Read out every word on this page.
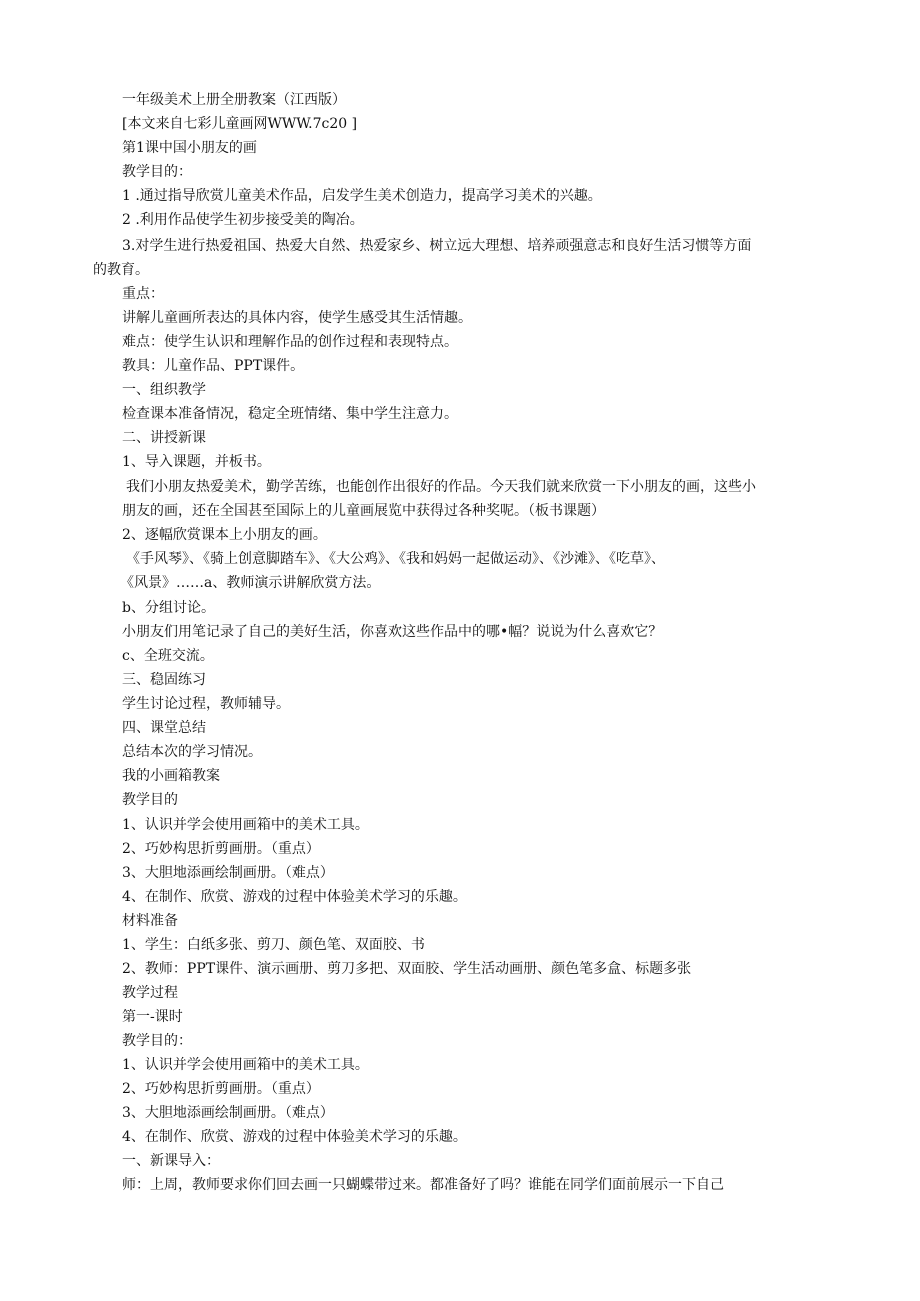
一年级美术上册全册教案（江西版）
[本文来自七彩儿童画网WWW.7c20 ]
第1课中国小朋友的画
教学目的：
1 .通过指导欣赏儿童美术作品，启发学生美术创造力，提高学习美术的兴趣。
2 .利用作品使学生初步接受美的陶冶。
3.对学生进行热爱祖国、热爱大自然、热爱家乡、树立远大理想、培养顽强意志和良好生活习惯等方面
的教育。
重点：
讲解儿童画所表达的具体内容，使学生感受其生活情趣。
难点：使学生认识和理解作品的创作过程和表现特点。
教具：儿童作品、PPT课件。
一、组织教学
检查课本准备情况，稳定全班情绪、集中学生注意力。
二、讲授新课
1、导入课题，并板书。
我们小朋友热爱美术，勤学苦练，也能创作出很好的作品。今天我们就来欣赏一下小朋友的画，这些小
朋友的画，还在全国甚至国际上的儿童画展览中获得过各种奖呢。（板书课题）
2、逐幅欣赏课本上小朋友的画。
《手风琴》、《骑上创意脚踏车》、《大公鸡》、《我和妈妈一起做运动》、《沙滩》、《吃草》、
《风景》……a、教师演示讲解欣赏方法。
b、分组讨论。
小朋友们用笔记录了自己的美好生活，你喜欢这些作品中的哪•幅？说说为什么喜欢它？
c、全班交流。
三、稳固练习
学生讨论过程，教师辅导。
四、课堂总结
总结本次的学习情况。
我的小画箱教案
教学目的
1、认识并学会使用画箱中的美术工具。
2、巧妙构思折剪画册。（重点）
3、大胆地添画绘制画册。（难点）
4、在制作、欣赏、游戏的过程中体验美术学习的乐趣。
材料准备
1、学生：白纸多张、剪刀、颜色笔、双面胶、书
2、教师：PPT课件、演示画册、剪刀多把、双面胶、学生活动画册、颜色笔多盒、标题多张
教学过程
第一-课时
教学目的：
1、认识并学会使用画箱中的美术工具。
2、巧妙构思折剪画册。（重点）
3、大胆地添画绘制画册。（难点）
4、在制作、欣赏、游戏的过程中体验美术学习的乐趣。
一、新课导入：
师：上周，教师要求你们回去画一只蝴蝶带过来。都准备好了吗？谁能在同学们面前展示一下自己
